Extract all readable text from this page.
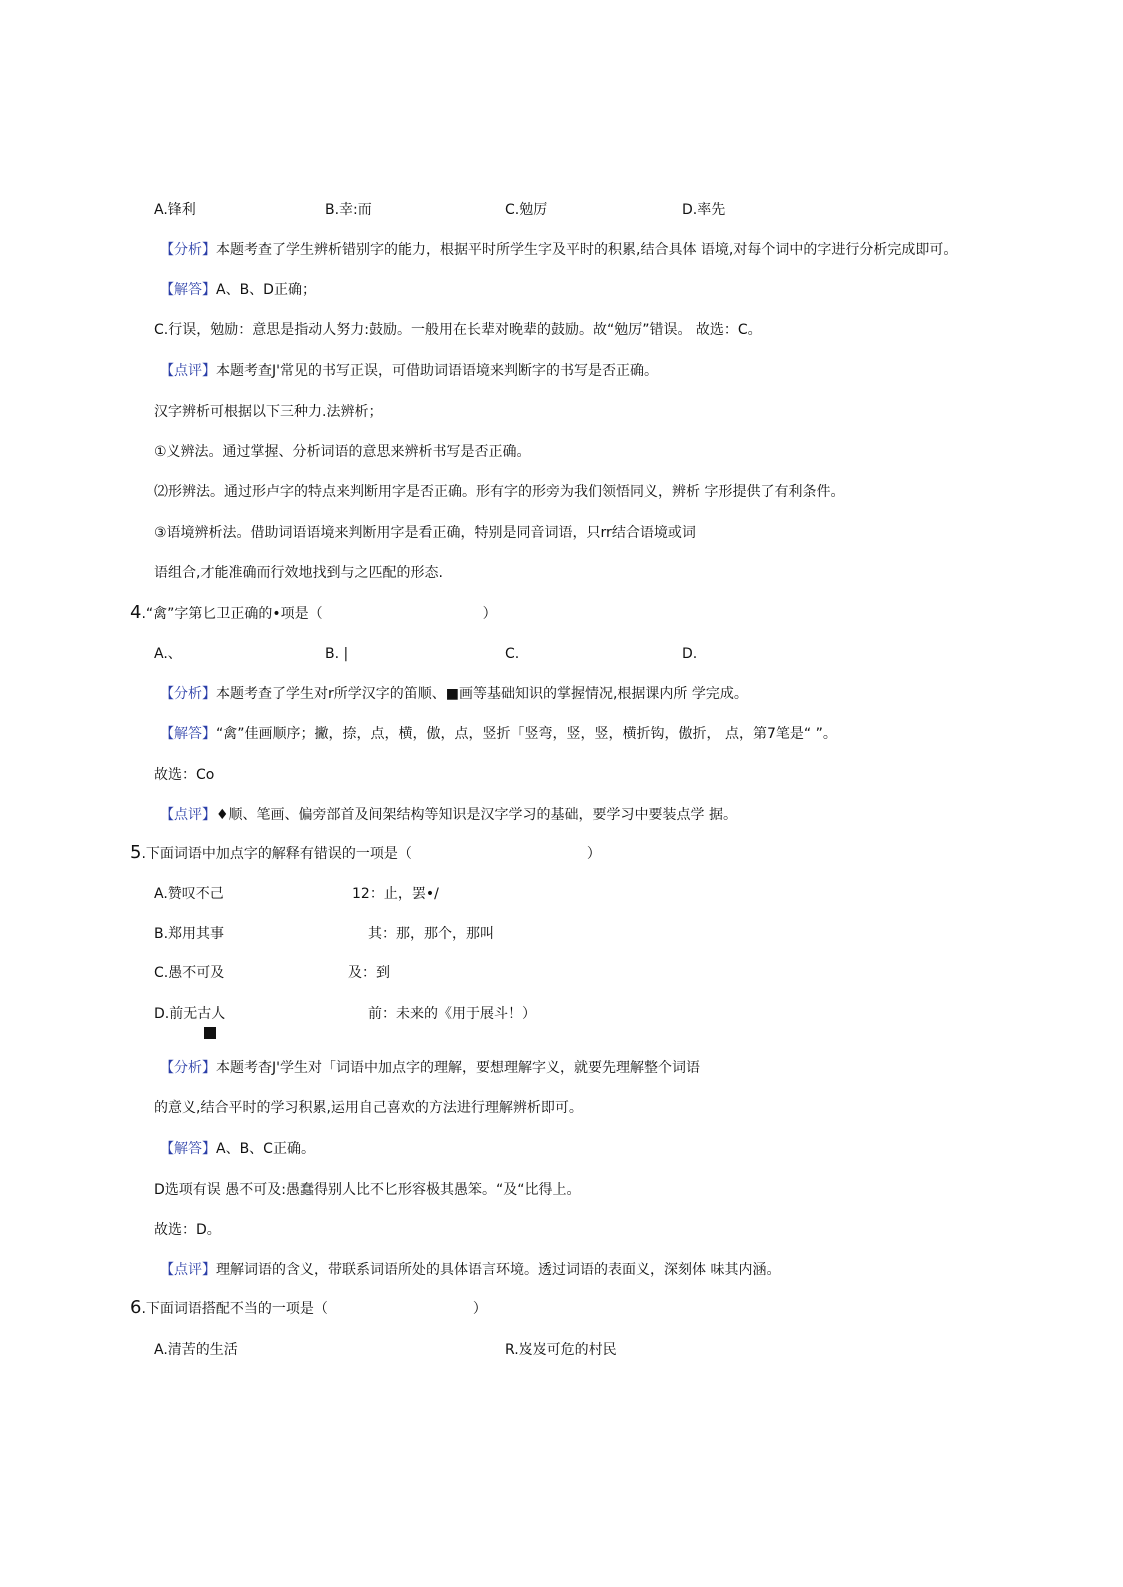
A.锋利	B.幸:而	C.勉厉	D.率先
【分析】本题考查了学生辨析错别字的能力，根据平时所学生字及平时的积累,结合具体 语境,对每个词中的字进行分析完成即可。
【解答】A、B、D正确；
C.行误，勉励：意思是指动人努力:鼓励。一般用在长辈对晚辈的鼓励。故“勉厉”错误。 故选：C。
【点评】本题考查J'常见的书写正误，可借助词语语境来判断字的书写是否正确。
汉字辨析可根据以下三种力.法辨析；
①义辨法。通过掌握、分析词语的意思来辨析书写是否正确。
⑵形辨法。通过形卢字的特点来判断用字是否正确。形有字的形旁为我们领悟同义，辨析 字形提供了有利条件。
③语境辨析法。借助词语语境来判断用字是看正确，特别是同音词语，只rr结合语境或词
语组合,才能准确而行效地找到与之匹配的形态.
4.“禽”字第匕卫正确的•项是（	）
A.、	B. |	C.	D.
【分析】本题考查了学生对r所学汉字的笛顺、■画等基础知识的掌握情况,根据课内所 学完成。
【解答】“禽”佳画顺序；撇，捺，点，横，傲，点，竖折「竖弯，竖，竖，横折钩，傲折， 点，第7笔是“ ”。
故选：Co
【点评】♦顺、笔画、偏旁部首及间架结构等知识是汉字学习的基础，要学习中要装点学 据。
5.下面词语中加点字的解释有错误的一项是（	）
A.赞叹不己	12：止，罢•/
B.郑用其事	其：那，那个，那叫
C.愚不可及	及：到
D.前无古人	前：未来的《用于展斗！）
【分析】本题考杳J'学生对「词语中加点字的理解，要想理解字义，就要先理解整个词语
的意义,结合平时的学习积累,运用自己喜欢的方法进行理解辨析即可。
【解答】A、B、C正确。
D选项有误 愚不可及:愚蠢得别人比不匕形容极其愚笨。“及“比得上。
故选：D。
【点评】理解词语的含义，带联系词语所处的具体语言环境。透过词语的表面义，深刻体 味其内涵。
6.下面词语搭配不当的一项是（	）
A.清苦的生活	R.岌岌可危的村民
